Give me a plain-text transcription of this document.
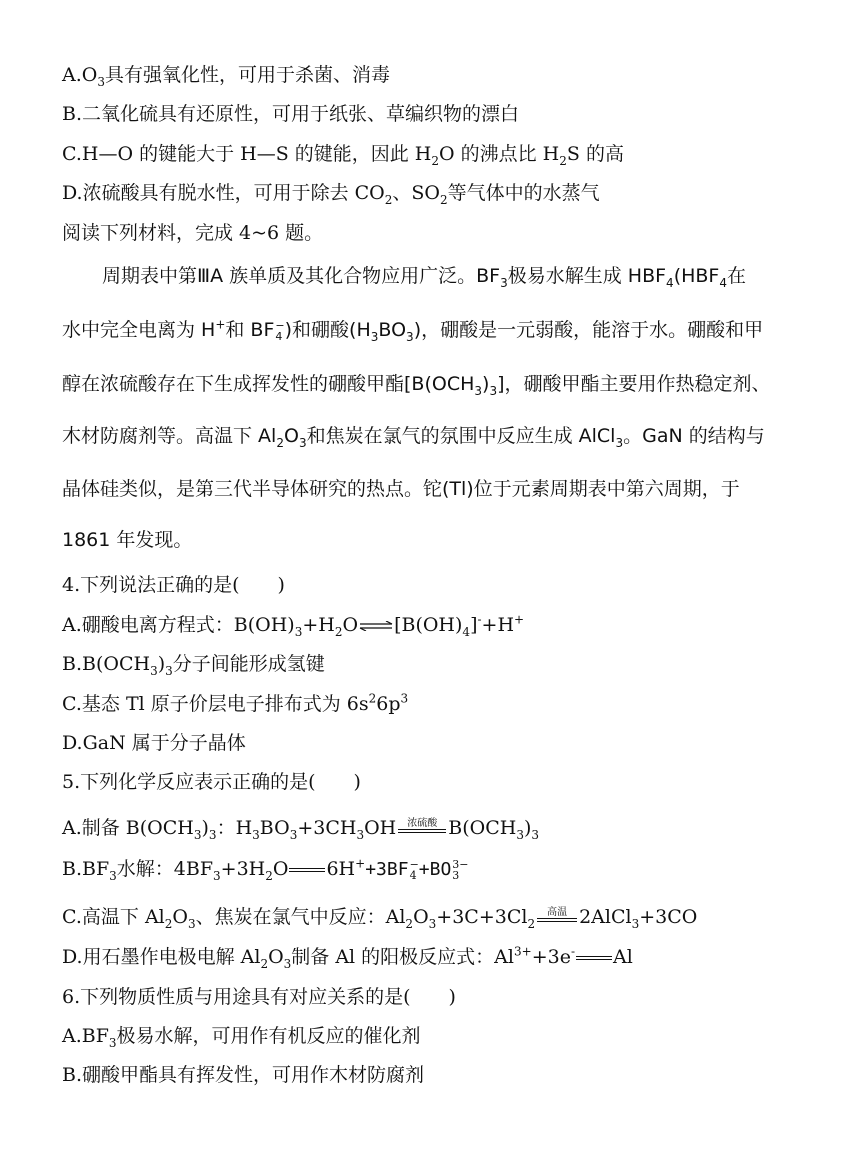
$A.O_3$具有强氧化性，可用于杀菌、消毒
B.二氧化硫具有还原性，可用于纸张、草编织物的漂白
C.H—O 的键能大于 H—S 的键能，因此 $H_2O$ 的沸点比 $H_2S$ 的高
D.浓硫酸具有脱水性，可用于除去 $CO_2$、$SO_2$等气体中的水蒸气
阅读下列材料，完成 4~6 题。
周期表中第ⅢA 族单质及其化合物应用广泛。$BF_3$极易水解生成 $HBF_4(HBF_4$在
水中完全电离为 H+和 BF −
4 )和硼酸$(H_3BO_3)$，硼酸是一元弱酸，能溶于水。硼酸和甲
醇在浓硫酸存在下生成挥发性的硼酸甲酯$[B(OCH_3)_3]$，硼酸甲酯主要用作热稳定剂、
木材防腐剂等。高温下 $Al_2O_3$和焦炭在氯气的氛围中反应生成 AlCl$_3$。GaN 的结构与
晶体硅类似，是第三代半导体研究的热点。铊(Tl)位于元素周期表中第六周期，于
1861 年发现。
4.下列说法正确的是(　　)
A.硼酸电离方程式：$B(OH)_3+H_2O\rightleftharpoons[B(OH)_4]^-+H^+$
$B.B(OCH_3)_3$分子间能形成氢键
C.基态 Tl 原子价层电子排布式为 $6s^26p^3$
D.GaN 属于分子晶体
5.下列化学反应表示正确的是(　　)
A.制备 $B(OCH_3)_3$：$H_3BO_3+3CH_3OH$ 浓硫酸 $B(OCH_3)_3$
$B.BF_3$水解：$4BF_3+3H_2O$ 6H++3BF −
4 +BO 3−
3
C.高温下 $Al_2O_3$、焦炭在氯气中反应：$Al_2O_3+3C+3Cl_2$
高温 2AlCl$_3$+3CO
D.用石墨作电极电解 $Al_2O_3$制备 Al 的阳极反应式：$Al^{3+}+3e^-$ Al
6.下列物质性质与用途具有对应关系的是(　　)
$A.BF_3$极易水解，可用作有机反应的催化剂
B.硼酸甲酯具有挥发性，可用作木材防腐剂
